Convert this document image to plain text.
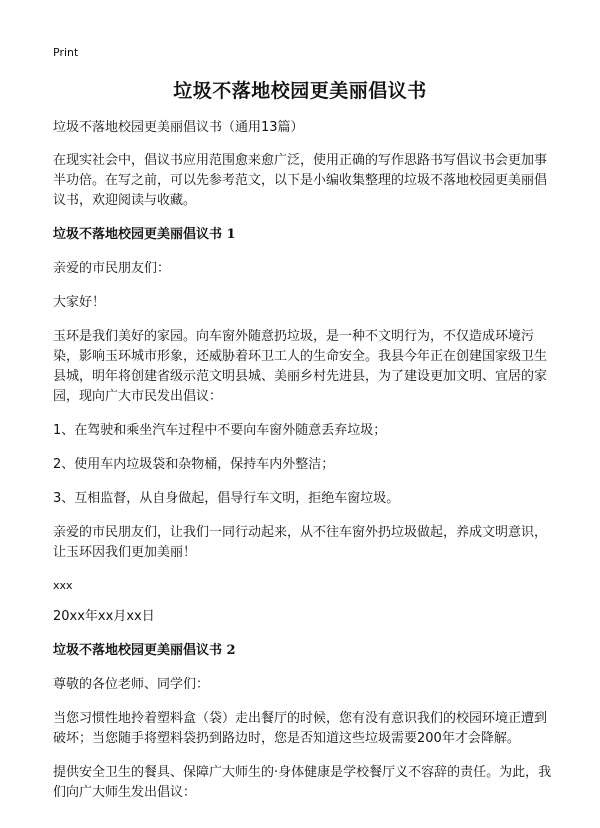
Print
垃圾不落地校园更美丽倡议书

垃圾不落地校园更美丽倡议书（通用13篇）

在现实社会中，倡议书应用范围愈来愈广泛，使用正确的写作思路书写倡议书会更加事半功倍。在写之前，可以先参考范文，以下是小编收集整理的垃圾不落地校园更美丽倡议书，欢迎阅读与收藏。

垃圾不落地校园更美丽倡议书 1

亲爱的市民朋友们：

大家好！

玉环是我们美好的家园。向车窗外随意扔垃圾，是一种不文明行为，不仅造成环境污染，影响玉环城市形象，还威胁着环卫工人的生命安全。我县今年正在创建国家级卫生县城，明年将创建省级示范文明县城、美丽乡村先进县，为了建设更加文明、宜居的家园，现向广大市民发出倡议：

1、在驾驶和乘坐汽车过程中不要向车窗外随意丢弃垃圾；

2、使用车内垃圾袋和杂物桶，保持车内外整洁；

3、互相监督，从自身做起，倡导行车文明，拒绝车窗垃圾。

亲爱的市民朋友们，让我们一同行动起来，从不往车窗外扔垃圾做起，养成文明意识，让玉环因我们更加美丽！

xxx

20xx年xx月xx日

垃圾不落地校园更美丽倡议书 2

尊敬的各位老师、同学们：

当您习惯性地拎着塑料盒（袋）走出餐厅的时候，您有没有意识我们的校园环境正遭到破坏；当您随手将塑料袋扔到路边时，您是否知道这些垃圾需要200年才会降解。

提供安全卫生的餐具、保障广大师生的·身体健康是学校餐厅义不容辞的责任。为此，我们向广大师生发出倡议：
